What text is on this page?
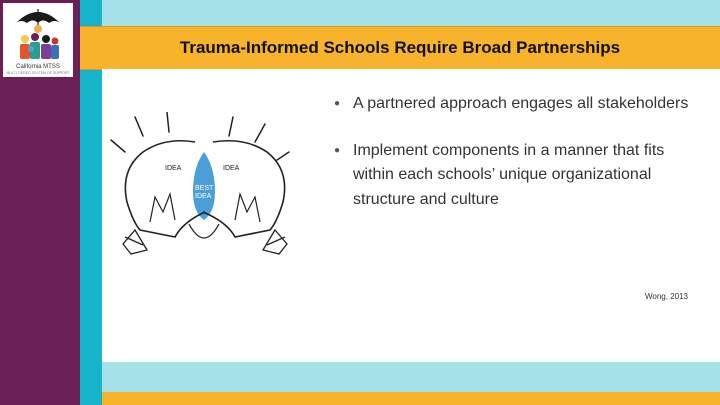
California MTSS
MULTI-TIERED SYSTEM OF SUPPORT
Trauma-Informed Schools Require Broad Partnerships
IDEA	IDEA
BEST
IDEA
● A partnered approach engages all stakeholders
● Implement components in a manner that fits within each schools’ unique organizational structure and culture
Wong, 2013
